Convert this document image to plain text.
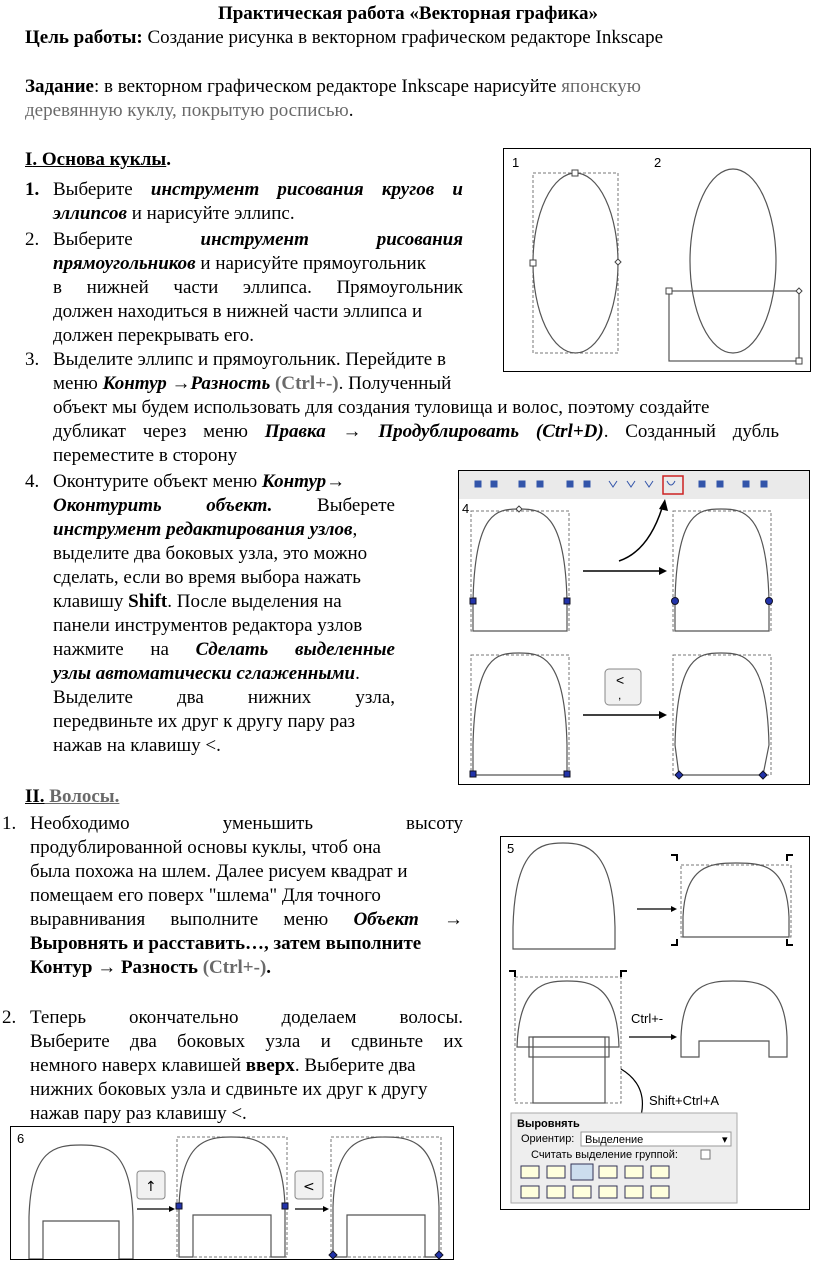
Практическая работа «Векторная графика»
Цель работы: Создание рисунка в векторном графическом редакторе Inkscape
Задание: в векторном графическом редакторе Inkscape нарисуйте японскую
деревянную куклу, покрытую росписью.
I. Основа куклы.
1. Выберите инструмент рисования кругов и
эллипсов и нарисуйте эллипс.
2. Выберите	инструмент	рисования
прямоугольников и нарисуйте прямоугольник
в нижней части эллипса. Прямоугольник
должен находиться в нижней части эллипса и
должен перекрывать его.
3. Выделите эллипс и прямоугольник. Перейдите в
меню Контур →Разность (Ctrl+-). Полученный
объект мы будем использовать для создания туловища и волос, поэтому создайте
дубликат через меню Правка → Продублировать (Ctrl+D). Созданный дубль
переместите в сторону
4. Оконтурите объект меню Контур→
Оконтурить объект. Выберете
инструмент редактирования узлов,
выделите два боковых узла, это можно
сделать, если во время выбора нажать
клавишу Shift. После выделения на
панели инструментов редактора узлов
нажмите на Сделать выделенные
узлы автоматически сглаженными.
Выделите два нижних узла,
передвиньте их друг к другу пару раз
нажав на клавишу <.
II. Волосы.
1. Необходимо уменьшить высоту
продублированной основы куклы, чтоб она
была похожа на шлем. Далее рисуем квадрат и
помещаем его поверх "шлема" Для точного
выравнивания выполните меню Объект →
Выровнять и расставить…, затем выполните
Контур → Разность (Ctrl+-).
2. Теперь окончательно доделаем волосы.
Выберите два боковых узла и сдвиньте их
немного наверх клавишей вверх. Выберите два
нижних боковых узла и сдвиньте их друг к другу
нажав пару раз клавишу <.
1	2
4
<
,
5
Ctrl+-
Shift+Ctrl+A
Выровнять
Ориентир: Выделение	▾
Считать выделение группой:
6
↑	<
